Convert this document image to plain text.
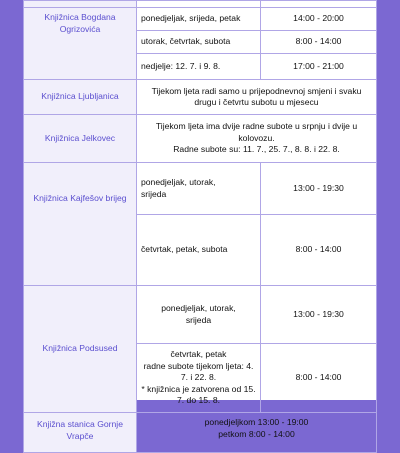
Knjižnica Bogdana Ogrizovića	ponedjeljak, srijeda, petak	14:00 - 20:00
	utorak, četvrtak, subota	8:00 - 14:00
	nedjelje: 12. 7. i 9. 8.	17:00 - 21:00
Knjižnica Ljubljanica	Tijekom ljeta radi samo u prijepodnevnoj smjeni i svaku drugu i četvrtu subotu u mjesecu	
Knjižnica Jelkovec	Tijekom ljeta ima dvije radne subote u srpnju i dvije u kolovozu.
Radne subote su: 11. 7., 25. 7., 8. 8. i 22. 8.	

Knjižnica Kajfešov brijeg	ponedjeljak, utorak, srijeda	13:00 - 19:30
	četvrtak, petak, subota	8:00 - 14:00
Knjižnica Podsused	ponedjeljak, utorak, srijeda	13:00 - 19:30

	četvrtak, petak
radne subote tijekom ljeta: 4. 7. i 22. 8.
* knjižnica je zatvorena od 15. 7. do 15. 8.	8:00 - 14:00
Knjižna stanica Gornje Vrapče	ponedjeljkom 13:00 - 19:00
petkom 8:00 - 14:00	
